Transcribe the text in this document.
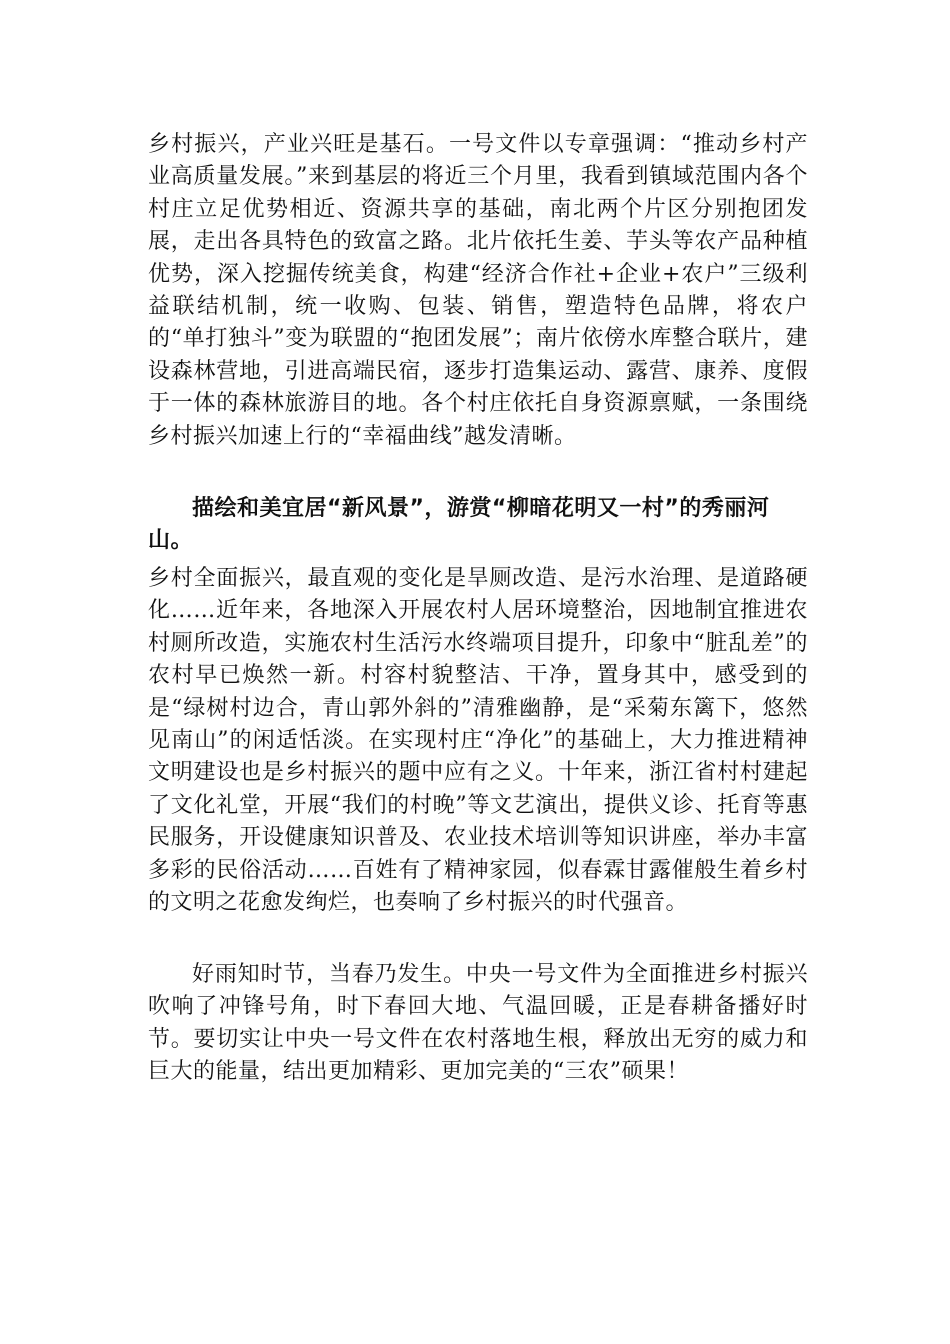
乡村振兴，产业兴旺是基石。一号文件以专章强调：“推动乡村产业高质量发展。”来到基层的将近三个月里，我看到镇域范围内各个村庄立足优势相近、资源共享的基础，南北两个片区分别抱团发展，走出各具特色的致富之路。北片依托生姜、芋头等农产品种植优势，深入挖掘传统美食，构建“经济合作社+企业+农户”三级利益联结机制，统一收购、包装、销售，塑造特色品牌，将农户的“单打独斗”变为联盟的“抱团发展”；南片依傍水库整合联片，建设森林营地，引进高端民宿，逐步打造集运动、露营、康养、度假于一体的森林旅游目的地。各个村庄依托自身资源禀赋，一条围绕乡村振兴加速上行的“幸福曲线”越发清晰。

描绘和美宜居“新风景”，游赏“柳暗花明又一村”的秀丽河山。

乡村全面振兴，最直观的变化是旱厕改造、是污水治理、是道路硬化……近年来，各地深入开展农村人居环境整治，因地制宜推进农村厕所改造，实施农村生活污水终端项目提升，印象中“脏乱差”的农村早已焕然一新。村容村貌整洁、干净，置身其中，感受到的是“绿树村边合，青山郭外斜的”清雅幽静，是“采菊东篱下，悠然见南山”的闲适恬淡。在实现村庄“净化”的基础上，大力推进精神文明建设也是乡村振兴的题中应有之义。十年来，浙江省村村建起了文化礼堂，开展“我们的村晚”等文艺演出，提供义诊、托育等惠民服务，开设健康知识普及、农业技术培训等知识讲座，举办丰富多彩的民俗活动……百姓有了精神家园，似春霖甘露催般生着乡村的文明之花愈发绚烂，也奏响了乡村振兴的时代强音。

好雨知时节，当春乃发生。中央一号文件为全面推进乡村振兴吹响了冲锋号角，时下春回大地、气温回暖，正是春耕备播好时节。要切实让中央一号文件在农村落地生根，释放出无穷的威力和巨大的能量，结出更加精彩、更加完美的“三农”硕果！
